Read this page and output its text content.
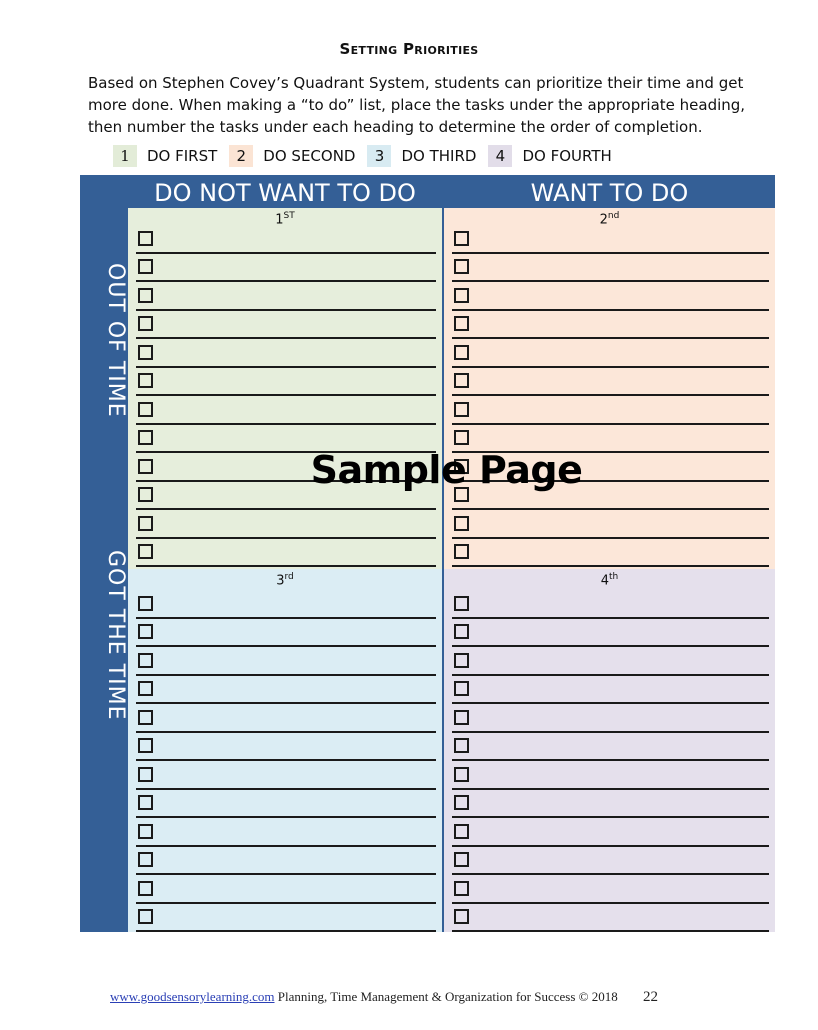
Setting Priorities
Based on Stephen Covey’s Quadrant System, students can prioritize their time and get more done. When making a “to do” list, place the tasks under the appropriate heading, then number the tasks under each heading to determine the order of completion.
1	DO FIRST	2	DO SECOND	3	DO THIRD	4	DO FOURTH
DO NOT WANT TO DO	WANT TO DO
OUT OF TIME
GOT THE TIME
1ST	2nd
3rd	4th
Sample Page
www.goodsensorylearning.com Planning, Time Management & Organization for Success © 2018 22
